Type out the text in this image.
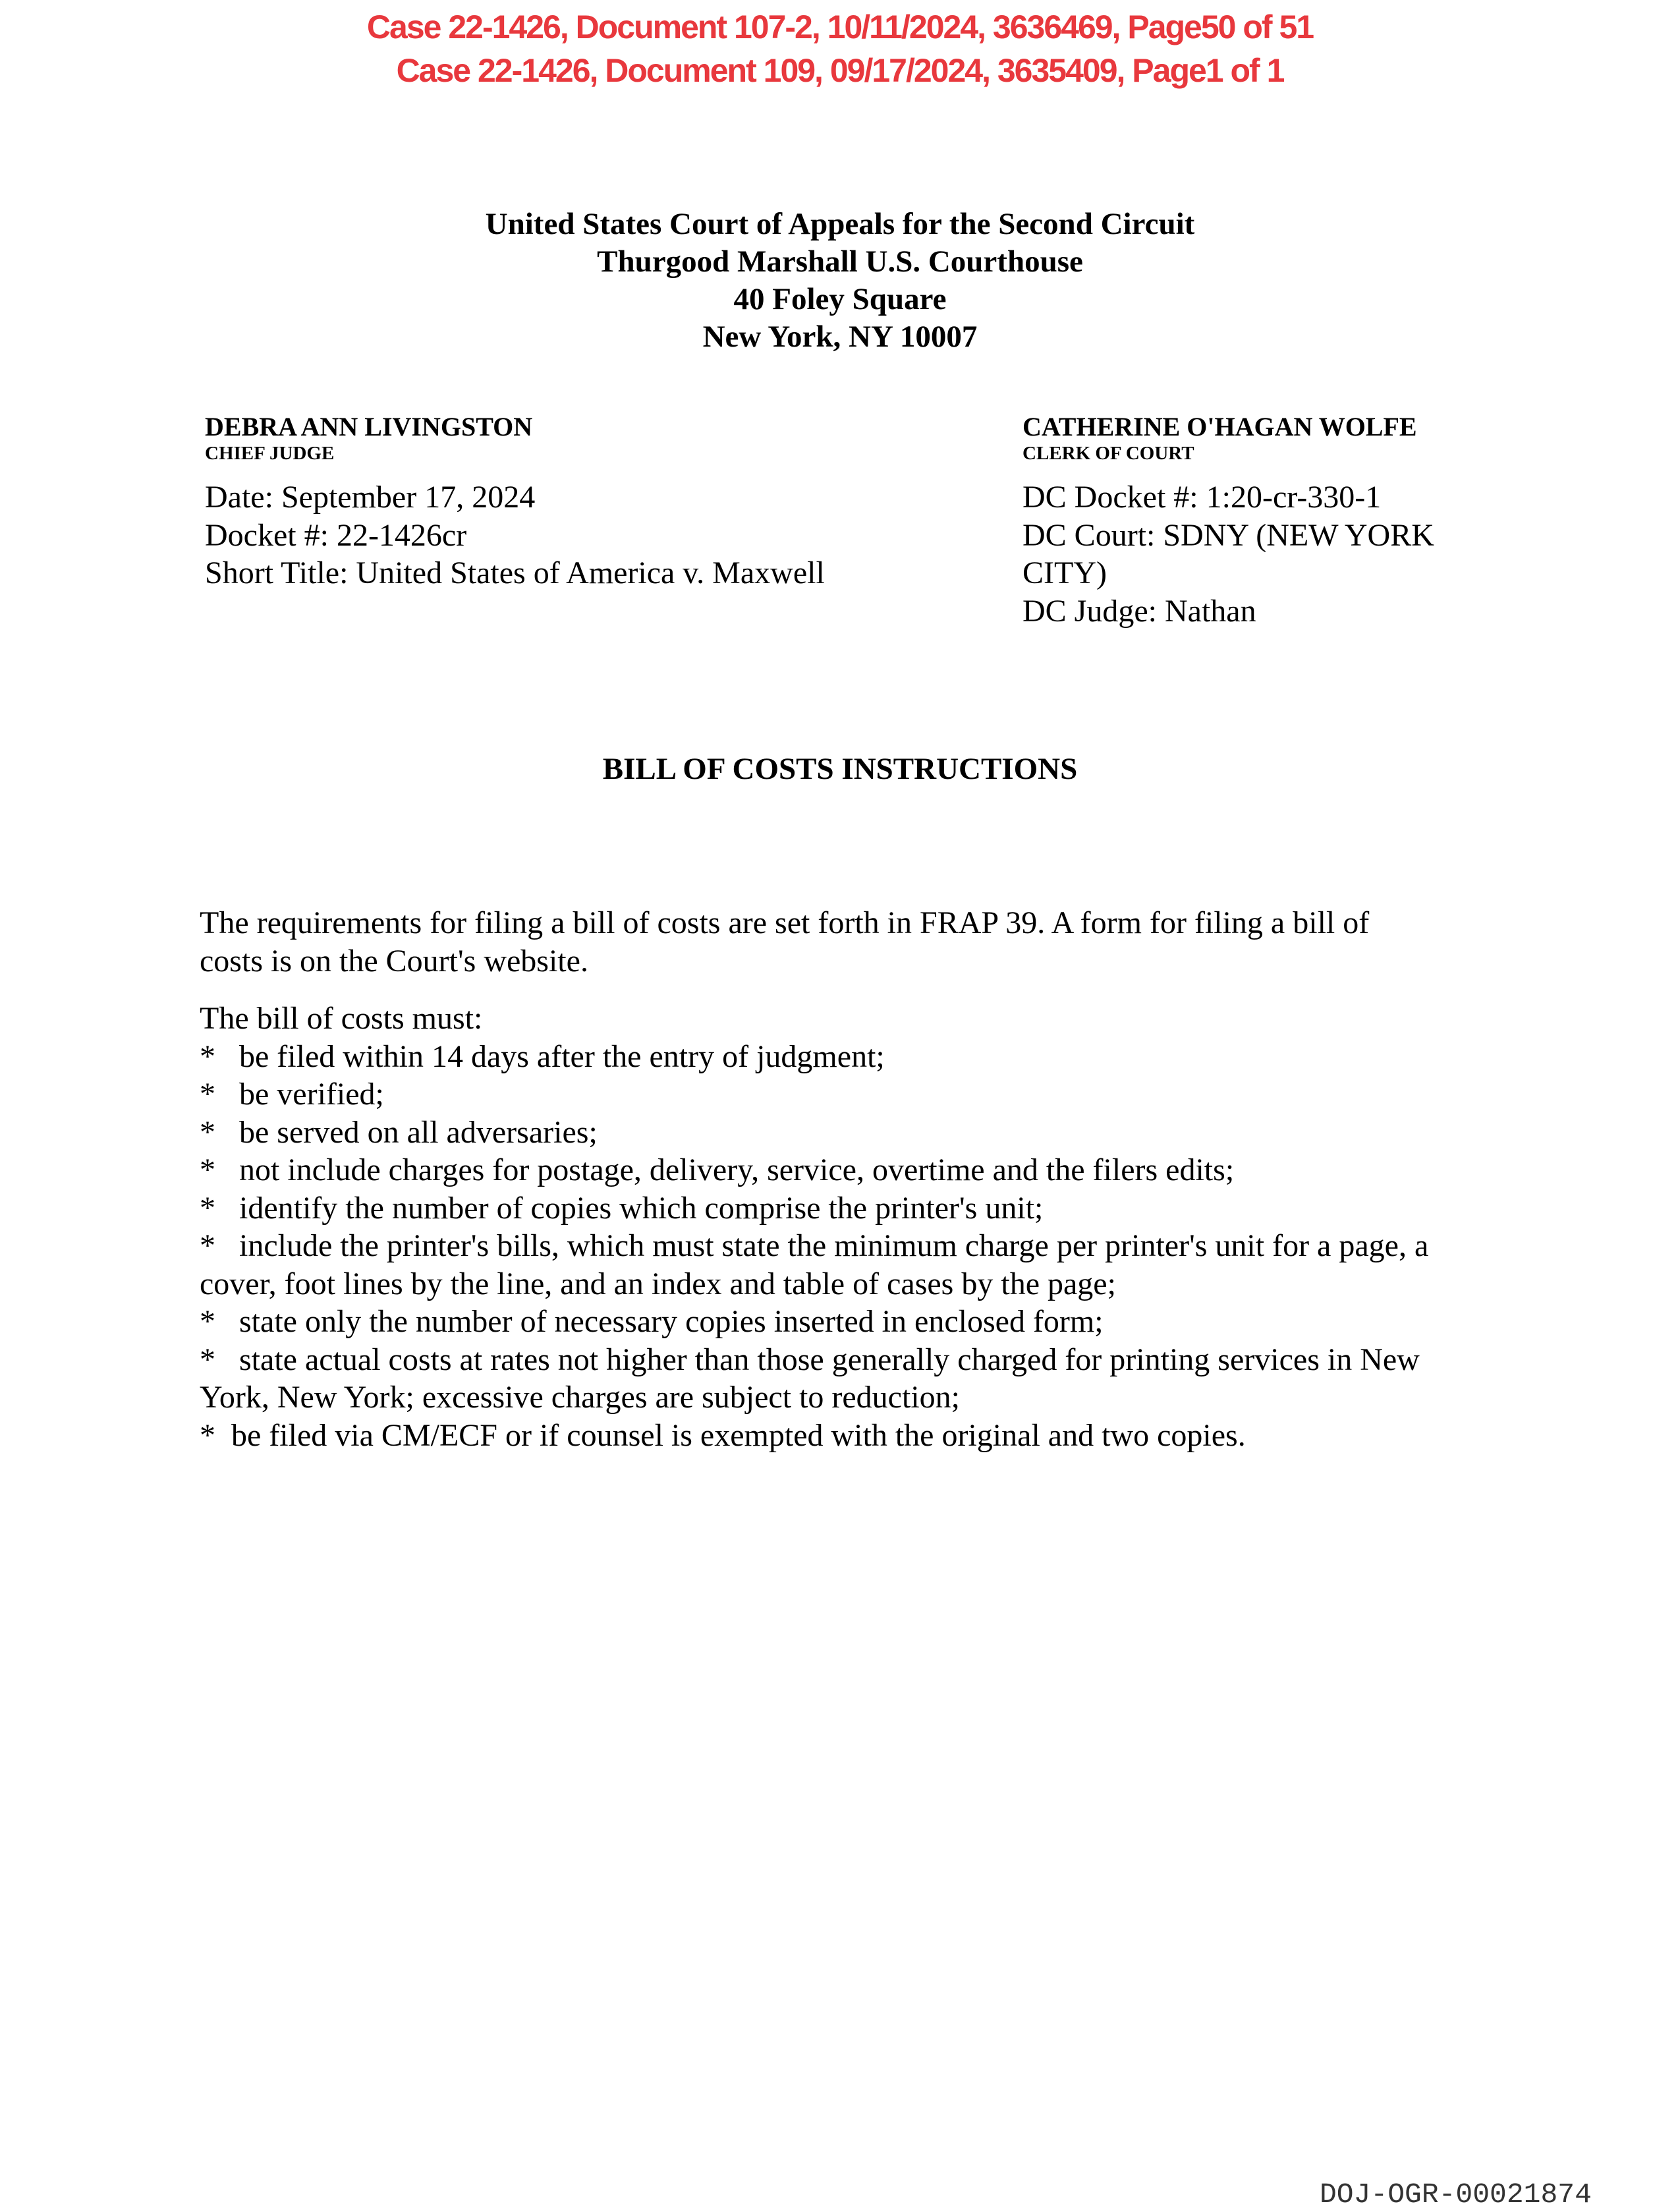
Case 22-1426, Document 107-2, 10/11/2024, 3636469, Page50 of 51
Case 22-1426, Document 109, 09/17/2024, 3635409, Page1 of 1
United States Court of Appeals for the Second Circuit
Thurgood Marshall U.S. Courthouse
40 Foley Square
New York, NY 10007
DEBRA ANN LIVINGSTON
CHIEF JUDGE
Date: September 17, 2024
Docket #: 22-1426cr
Short Title: United States of America v. Maxwell
CATHERINE O'HAGAN WOLFE
CLERK OF COURT
DC Docket #: 1:20-cr-330-1
DC Court: SDNY (NEW YORK
CITY)
DC Judge: Nathan
BILL OF COSTS INSTRUCTIONS
The requirements for filing a bill of costs are set forth in FRAP 39. A form for filing a bill of
costs is on the Court's website.
The bill of costs must:
* be filed within 14 days after the entry of judgment;
* be verified;
* be served on all adversaries;
* not include charges for postage, delivery, service, overtime and the filers edits;
* identify the number of copies which comprise the printer's unit;
* include the printer's bills, which must state the minimum charge per printer's unit for a page, a
cover, foot lines by the line, and an index and table of cases by the page;
* state only the number of necessary copies inserted in enclosed form;
* state actual costs at rates not higher than those generally charged for printing services in New
York, New York; excessive charges are subject to reduction;
* be filed via CM/ECF or if counsel is exempted with the original and two copies.
DOJ-OGR-00021874
